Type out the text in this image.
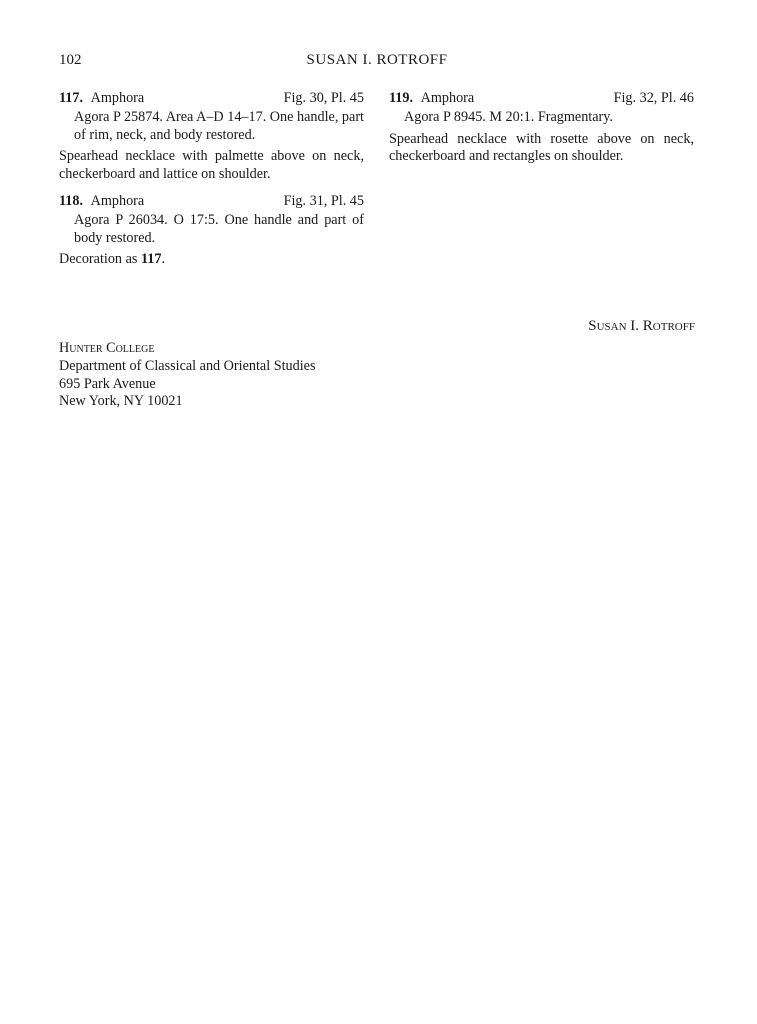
102	SUSAN I. ROTROFF
117. Amphora	Fig. 30, Pl. 45
Agora P 25874. Area A–D 14–17. One handle, part of rim, neck, and body restored.
Spearhead necklace with palmette above on neck, checkerboard and lattice on shoulder.
118. Amphora	Fig. 31, Pl. 45
Agora P 26034. O 17:5. One handle and part of body restored.
Decoration as 117.
119. Amphora	Fig. 32, Pl. 46
Agora P 8945. M 20:1. Fragmentary.
Spearhead necklace with rosette above on neck, checkerboard and rectangles on shoulder.
Susan I. Rotroff
Hunter College
Department of Classical and Oriental Studies
695 Park Avenue
New York, NY 10021
